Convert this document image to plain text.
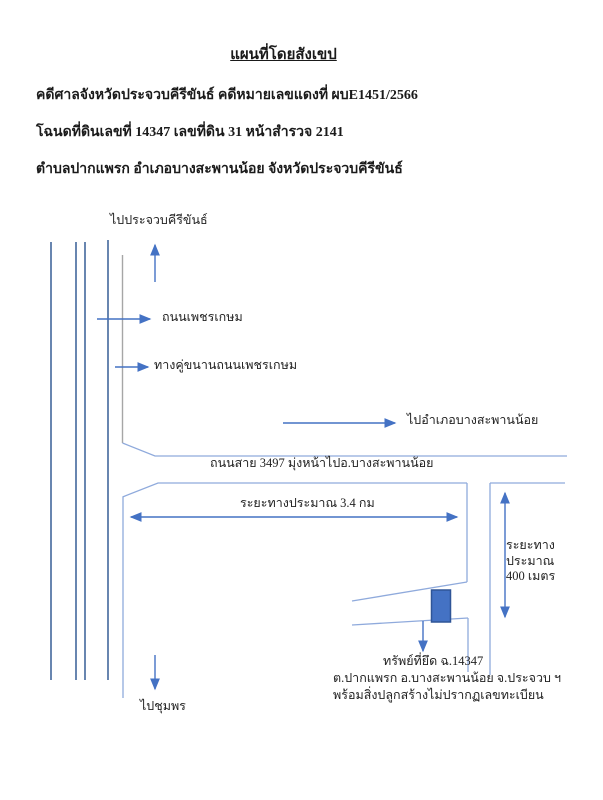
แผนที่โดยสังเขป
คดีศาลจังหวัดประจวบคีรีขันธ์ คดีหมายเลขแดงที่ ผบE1451/2566
โฉนดที่ดินเลขที่ 14347 เลขที่ดิน 31 หน้าสำรวจ 2141
ตำบลปากแพรก อำเภอบางสะพานน้อย จังหวัดประจวบคีรีขันธ์
ไปประจวบคีรีขันธ์
ถนนเพชรเกษม
ทางคู่ขนานถนนเพชรเกษม
ไปอำเภอบางสะพานน้อย
ถนนสาย 3497 มุ่งหน้าไปอ.บางสะพานน้อย
ระยะทางประมาณ 3.4 กม
ระยะทางประมาณ
400 เมตร
ทรัพย์ที่ยึด ฉ.14347
ต.ปากแพรก อ.บางสะพานน้อย จ.ประจวบ ฯ
พร้อมสิ่งปลูกสร้างไม่ปรากฏเลขทะเบียน
ไปชุมพร
